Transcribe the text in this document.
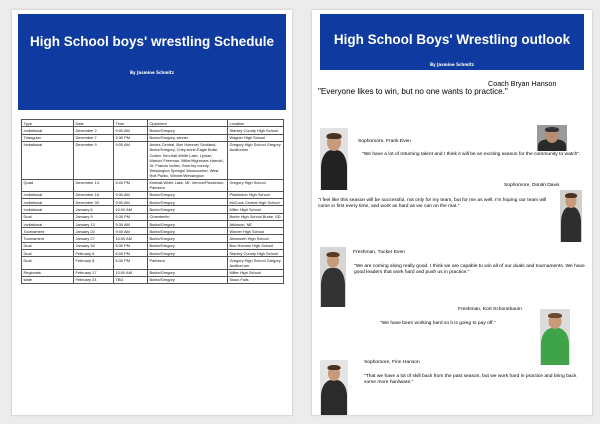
High School boys' wrestling Schedule
By Jasmine Schmitz
Type	Date	Time	Opponent	Location
Invitational	December 2	9:00 AM	Burke/Gregory	Stanley County High School
Triangular	December 7	5:30 PM	Burke/Gregory, winner	Wagner High School
Invitational	December 9	9:00 AM	Andes Central, Bon Homme/ Scotland, Burke/Gregory, Chey-enne-Eagle Butte, Custer, Kim-ball-White Lake, Lyman, Marion/ Freeman, Miller/Highmore-Harrold, St. Francis Indian, Stan-ley county, Wessington Springs/ Woonsocket, West Holt Public, Winner/Wessington	Gregory High School Gregory Auditorium
Quad	December 14	5:00 PM	Kimball-White Lake, Mt. Vernon/Plankinton, Parkston	Gregory High School
Invitational	December 16	9:30 AM	Burke/Gregory	Plankinton High School
Invitational	December 30	9:00 AM	Burke/Gregory	McCook Central High School
Invitational	January 6	10:00 AM	Burke/Gregory	Miller High School
Dual	January 9	6:30 PM	Chamberlin	Burke High School Burke, SD
Invitational	January 13	9:30 AM	Burke/Gregory	Atkinson, NE
Tournament	January 20	9:00 AM	Burke/Gregory	Winner High School
Tournament	January 27	10:00 AM	Burke/Gregory	Ainsworth High School
Dual	January 30	6:30 PM	Burke/Gregory	Bon Homme High School
Dual	February 6	6:00 PM	Burke/Gregory	Stanley County High School
Dual	February 8	6:30 PM	Parkston	Gregory High School Gregory Auditori-um
Regionals	February 17	10:00 AM	Burke/Gregory	Miller High School
state	February 24	TBD	Burke/Gregory	Sioux Falls
High School Boys' Wrestling outlook
By Jasmine Schmitz
Coach Bryan Hanson
"Everyone likes to win, but no one wants to practice."
Sophomore, Frank Even
"We have a lot of returning talent and I think it will be an exciting season for the community to watch".
Sophomore, Dimitri Davis
"I feel like this season will be successful, not only for my team, but for me as well. I'm hoping our team will come in first every time, and work as hard as we can on the mat."
Freshman, Tucker Even
"We are coming along really good. I think we are capable to win all of our duals and tournaments. We have good leaders that work hard and push us in practice."
Freshman, Kort Schonebaum
"We have been working hard so it is going to pay off."
Sophomore, Finn Hanson
"That we have a lot of skill back from the past season, but we work hard in practice and bring back some more hardware."
